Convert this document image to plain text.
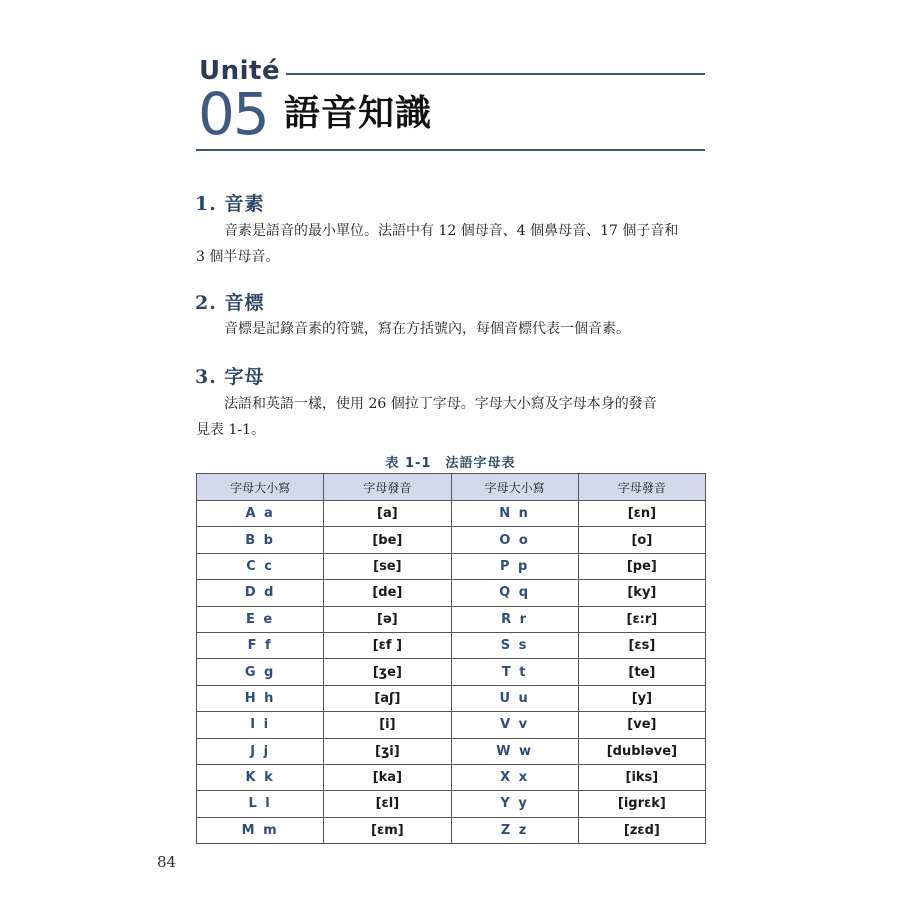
Unité
05 語音知識
1. 音素
音素是語音的最小單位。法語中有 12 個母音、4 個鼻母音、17 個子音和
3 個半母音。
2. 音標
音標是記錄音素的符號，寫在方括號內，每個音標代表一個音素。
3. 字母
法語和英語一樣，使用 26 個拉丁字母。字母大小寫及字母本身的發音
見表 1-1。
表 1-1　法語字母表
字母大小寫	字母發音	字母大小寫	字母發音
A a	[a]	N n	[ɛn]
B b	[be]	O o	[o]
C c	[se]	P p	[pe]
D d	[de]	Q q	[ky]
E e	[ə]	R r	[ɛ:r]
F f	[ɛf ]	S s	[ɛs]
G g	[ʒe]	T t	[te]
H h	[aʃ]	U u	[y]
I i	[i]	V v	[ve]
J j	[ʒi]	W w	[dubləve]
K k	[ka]	X x	[iks]
L l	[ɛl]	Y y	[igrɛk]
M m	[ɛm]	Z z	[zɛd]
84
